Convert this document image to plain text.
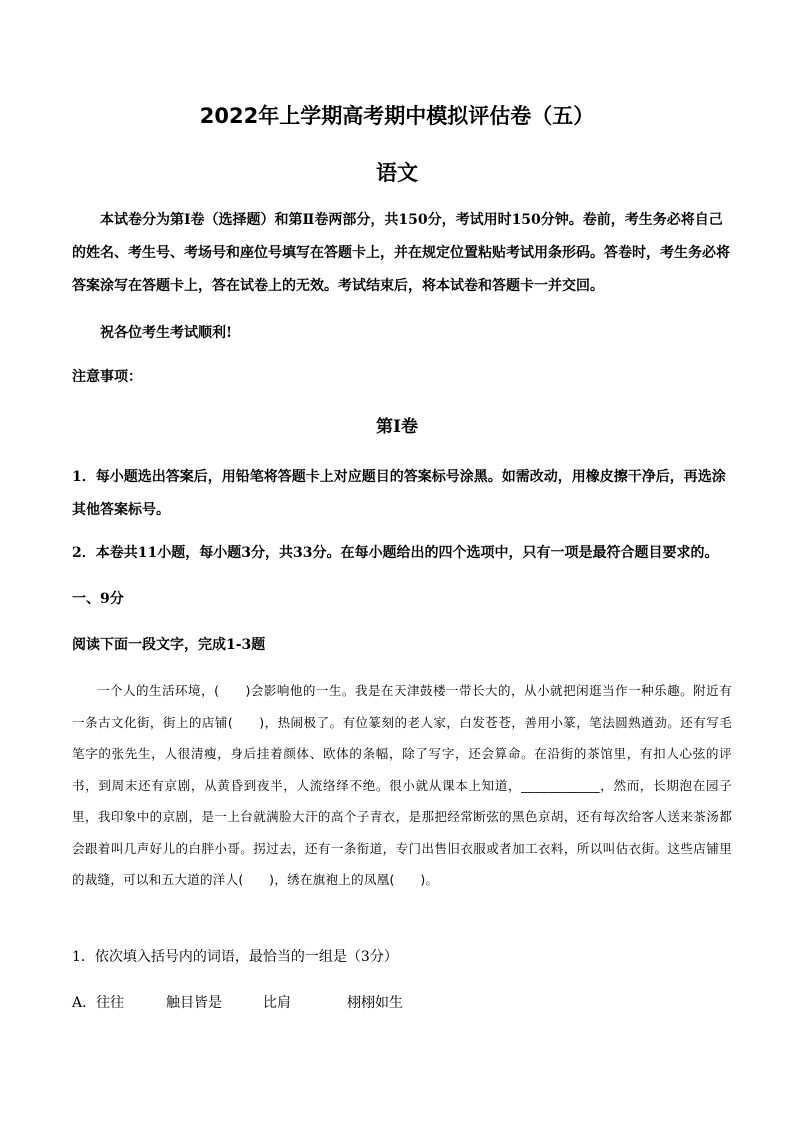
2022年上学期高考期中模拟评估卷（五）
语文
本试卷分为第Ⅰ卷（选择题）和第Ⅱ卷两部分，共150分，考试用时150分钟。卷前，考生务必将自己的姓名、考生号、考场号和座位号填写在答题卡上，并在规定位置粘贴考试用条形码。答卷时，考生务必将答案涂写在答题卡上，答在试卷上的无效。考试结束后，将本试卷和答题卡一并交回。
祝各位考生考试顺利!
注意事项：
第Ⅰ卷
1．每小题选出答案后，用铅笔将答题卡上对应题目的答案标号涂黑。如需改动，用橡皮擦干净后，再选涂其他答案标号。
2．本卷共11小题，每小题3分，共33分。在每小题给出的四个选项中，只有一项是最符合题目要求的。
一、9分
阅读下面一段文字，完成1-3题
一个人的生活环境，(　　)会影响他的一生。我是在天津鼓楼一带长大的，从小就把闲逛当作一种乐趣。附近有一条古文化街，街上的店铺(　　)，热闹极了。有位篆刻的老人家，白发苍苍，善用小篆，笔法圆熟遒劲。还有写毛笔字的张先生，人很清瘦，身后挂着颜体、欧体的条幅，除了写字，还会算命。在沿街的茶馆里，有扣人心弦的评书，到周末还有京剧，从黄昏到夜半，人流络绎不绝。很小就从课本上知道，____________，然而，长期泡在园子里，我印象中的京剧，是一上台就满脸大汗的高个子青衣，是那把经常断弦的黑色京胡，还有每次给客人送来茶汤都会跟着叫几声好儿的白胖小哥。拐过去，还有一条衔道，专门出售旧衣服或者加工衣料，所以叫估衣街。这些店铺里的裁缝，可以和五大道的洋人(　　)，绣在旗袍上的凤凰(　　)。
1．依次填入括号内的词语，最恰当的一组是（3分）
A．往往	触目皆是	比肩	栩栩如生
